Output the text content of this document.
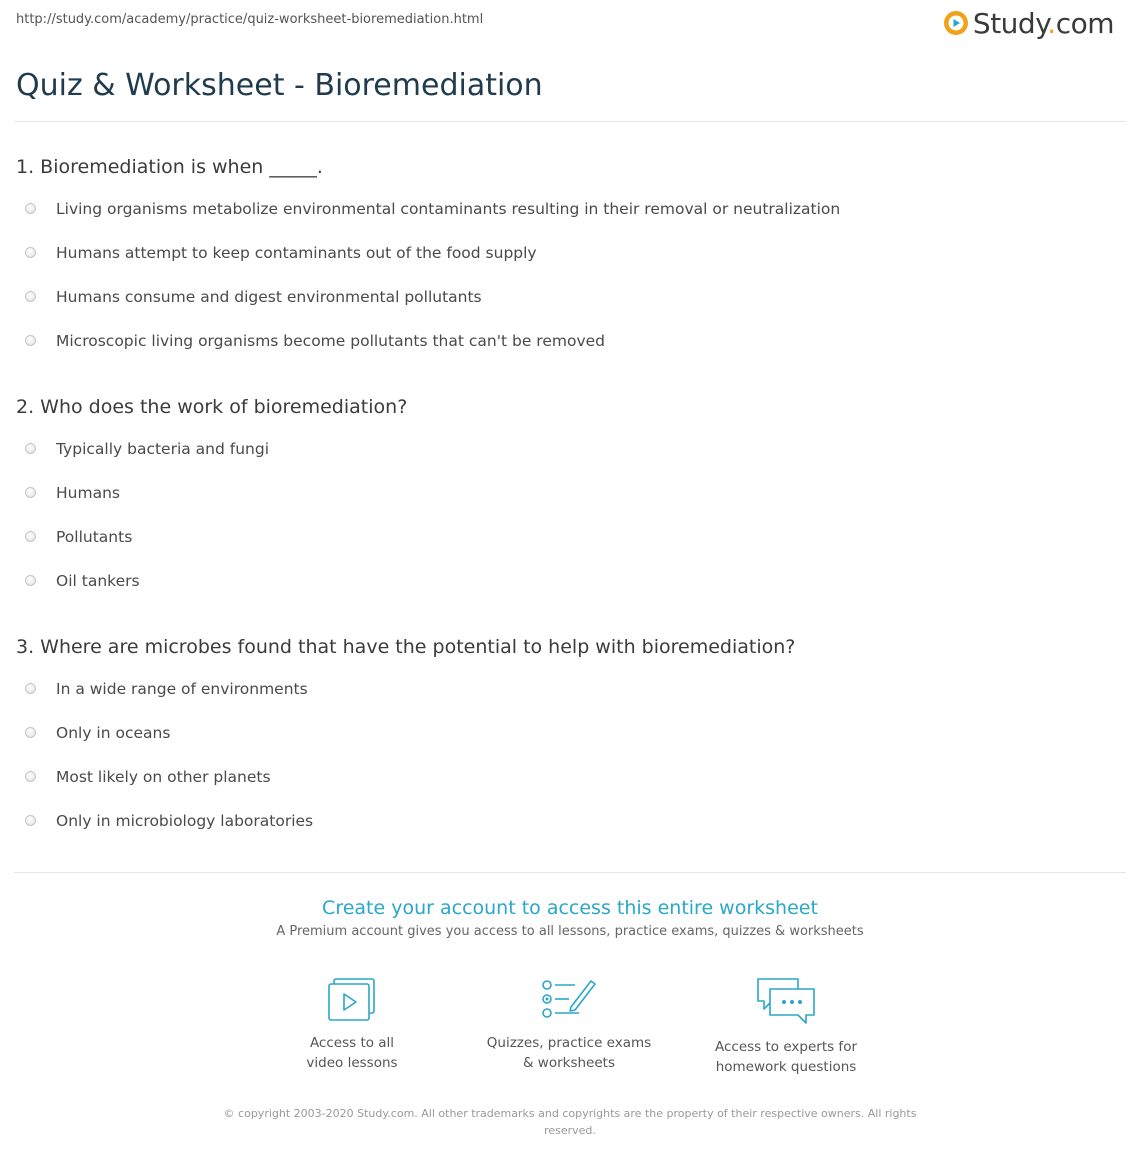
http://study.com/academy/practice/quiz-worksheet-bioremediation.html	Study.com
Quiz & Worksheet - Bioremediation
1. Bioremediation is when _____.
Living organisms metabolize environmental contaminants resulting in their removal or neutralization
Humans attempt to keep contaminants out of the food supply
Humans consume and digest environmental pollutants
Microscopic living organisms become pollutants that can't be removed
2. Who does the work of bioremediation?
Typically bacteria and fungi
Humans
Pollutants
Oil tankers
3. Where are microbes found that have the potential to help with bioremediation?
In a wide range of environments
Only in oceans
Most likely on other planets
Only in microbiology laboratories
Create your account to access this entire worksheet
A Premium account gives you access to all lessons, practice exams, quizzes & worksheets
Access to all
video lessons
Quizzes, practice exams
& worksheets
Access to experts for
homework questions
© copyright 2003-2020 Study.com. All other trademarks and copyrights are the property of their respective owners. All rights reserved.
